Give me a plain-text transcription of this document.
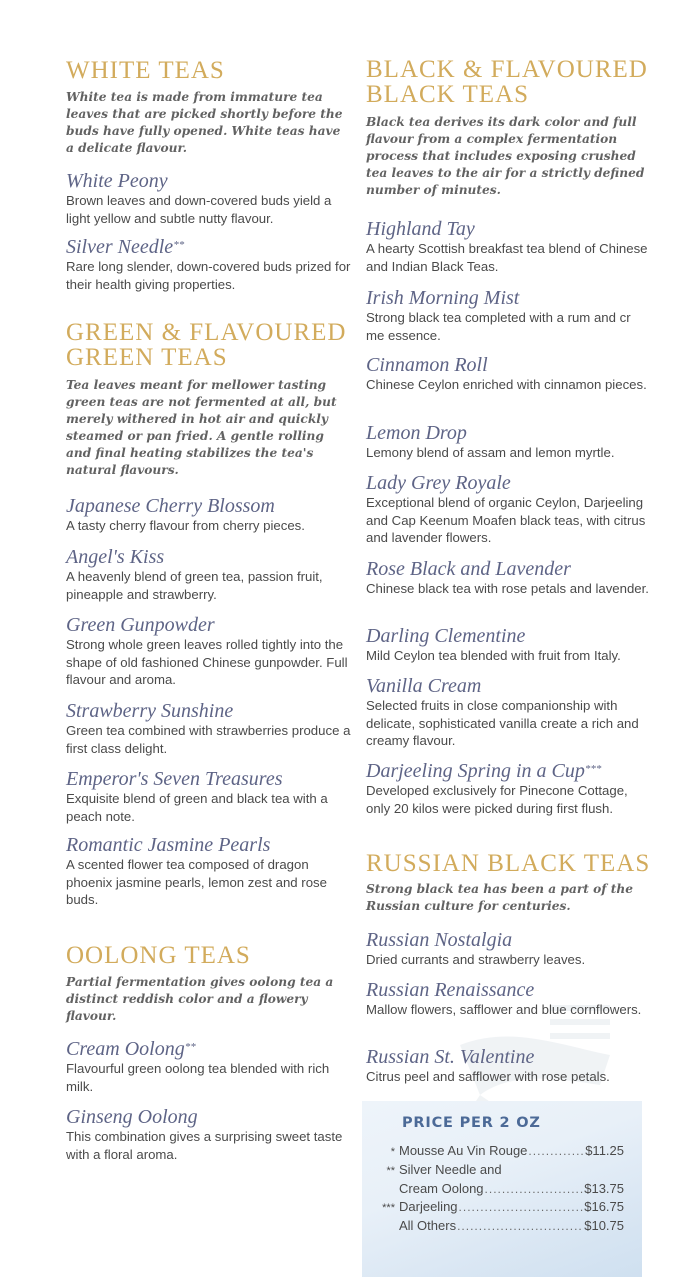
WHITE TEAS

White tea is made from immature tea leaves that are picked shortly before the buds have fully opened. White teas have a delicate flavour.

White Peony

Brown leaves and down-covered buds yield a light yellow and subtle nutty flavour.

Silver Needle**

Rare long slender, down-covered buds prized for their health giving properties.

GREEN & FLAVOURED
GREEN TEAS

Tea leaves meant for mellower tasting green teas are not fermented at all, but merely withered in hot air and quickly steamed or pan fried. A gentle rolling and final heating stabilizes the tea's natural flavours.

Japanese Cherry Blossom

A tasty cherry flavour from cherry pieces.

Angel's Kiss

A heavenly blend of green tea, passion fruit, pineapple and strawberry.

Green Gunpowder

Strong whole green leaves rolled tightly into the shape of old fashioned Chinese gunpowder. Full flavour and aroma.

Strawberry Sunshine

Green tea combined with strawberries produce a first class delight.

Emperor's Seven Treasures

Exquisite blend of green and black tea with a peach note.

Romantic Jasmine Pearls

A scented flower tea composed of dragon phoenix jasmine pearls, lemon zest and rose buds.

OOLONG TEAS

Partial fermentation gives oolong tea a distinct reddish color and a flowery flavour.

Cream Oolong**

Flavourful green oolong tea blended with rich milk.

Ginseng Oolong

This combination gives a surprising sweet taste with a floral aroma.

BLACK & FLAVOURED
BLACK TEAS

Black tea derives its dark color and full flavour from a complex fermentation process that includes exposing crushed tea leaves to the air for a strictly defined number of minutes.

Highland Tay

A hearty Scottish breakfast tea blend of Chinese and Indian Black Teas.

Irish Morning Mist

Strong black tea completed with a rum and cr me essence.

Cinnamon Roll

Chinese Ceylon enriched with cinnamon pieces.

Lemon Drop

Lemony blend of assam and lemon myrtle.

Lady Grey Royale

Exceptional blend of organic Ceylon, Darjeeling and Cap Keenum Moafen black teas, with citrus and lavender flowers.

Rose Black and Lavender

Chinese black tea with rose petals and lavender.

Darling Clementine

Mild Ceylon tea blended with fruit from Italy.

Vanilla Cream

Selected fruits in close companionship with delicate, sophisticated vanilla create a rich and creamy flavour.

Darjeeling Spring in a Cup***

Developed exclusively for Pinecone Cottage, only 20 kilos were picked during first flush.

RUSSIAN BLACK TEAS

Strong black tea has been a part of the Russian culture for centuries.

Russian Nostalgia

Dried currants and strawberry leaves.

Russian Renaissance

Mallow flowers, safflower and blue cornflowers.

Russian St. Valentine

Citrus peel and safflower with rose petals.

PRICE PER 2 OZ
* Mousse Au Vin Rouge .....	$11.25
** Silver Needle and
Cream Oolong .....	$13.75
*** Darjeeling .....	$16.75
All Others .....	$10.75
